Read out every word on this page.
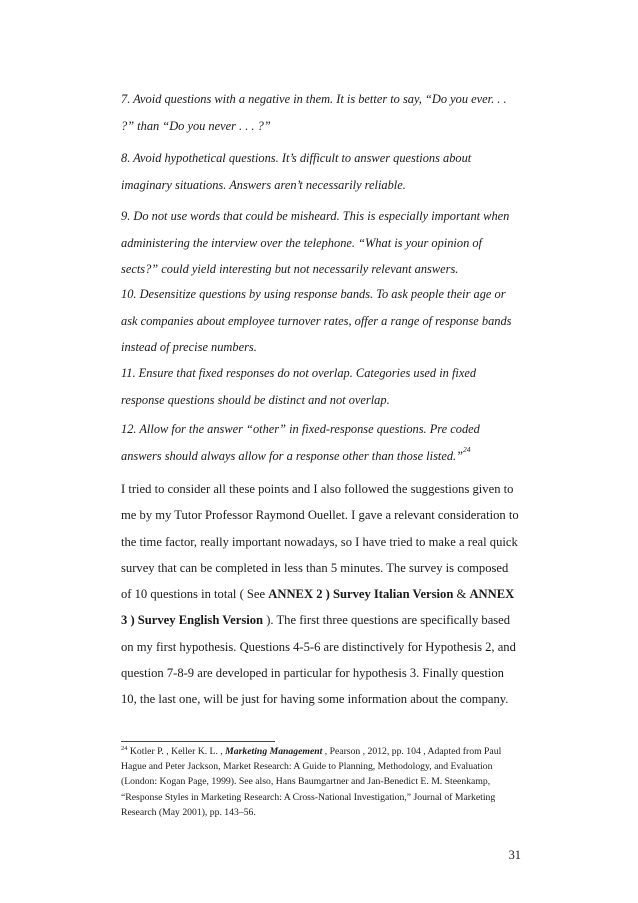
7. Avoid questions with a negative in them. It is better to say, “Do you ever. . . ?” than “Do you never . . . ?”

8. Avoid hypothetical questions. It’s difficult to answer questions about imaginary situations. Answers aren’t necessarily reliable.

9. Do not use words that could be misheard. This is especially important when administering the interview over the telephone. “What is your opinion of sects?” could yield interesting but not necessarily relevant answers.

10. Desensitize questions by using response bands. To ask people their age or ask companies about employee turnover rates, offer a range of response bands instead of precise numbers.

11. Ensure that fixed responses do not overlap. Categories used in fixed response questions should be distinct and not overlap.

12. Allow for the answer “other” in fixed-response questions. Pre coded answers should always allow for a response other than those listed.”$^{24}$

I tried to consider all these points and I also followed the suggestions given to me by my Tutor Professor Raymond Ouellet. I gave a relevant consideration to the time factor, really important nowadays, so I have tried to make a real quick survey that can be completed in less than 5 minutes. The survey is composed of 10 questions in total ( See ANNEX 2 ) Survey Italian Version & ANNEX 3 ) Survey English Version ). The first three questions are specifically based on my first hypothesis. Questions 4-5-6 are distinctively for Hypothesis 2, and question 7-8-9 are developed in particular for hypothesis 3. Finally question 10, the last one, will be just for having some information about the company.

$^{24}$ Kotler P. , Keller K. L. , Marketing Management , Pearson , 2012, pp. 104 , Adapted from Paul Hague and Peter Jackson, Market Research: A Guide to Planning, Methodology, and Evaluation (London: Kogan Page, 1999). See also, Hans Baumgartner and Jan-Benedict E. M. Steenkamp, “Response Styles in Marketing Research: A Cross-National Investigation,” Journal of Marketing Research (May 2001), pp. 143–56.

31
